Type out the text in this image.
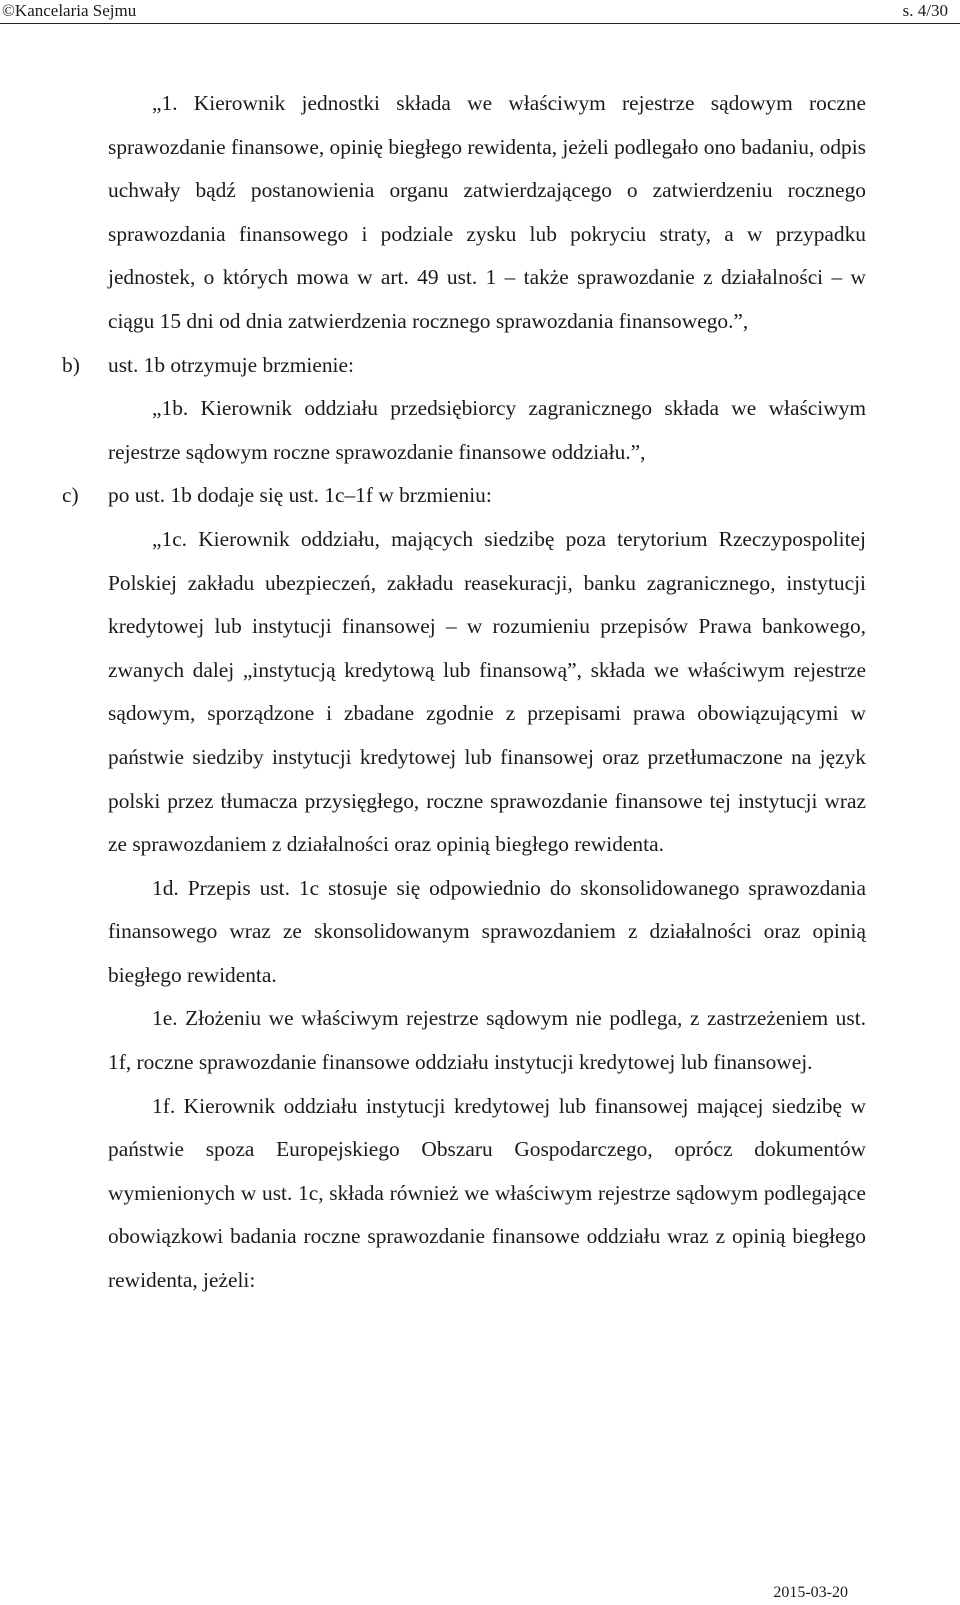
©Kancelaria Sejmu	s. 4/30

„1. Kierownik jednostki składa we właściwym rejestrze sądowym roczne sprawozdanie finansowe, opinię biegłego rewidenta, jeżeli podlegało ono badaniu, odpis uchwały bądź postanowienia organu zatwierdzającego o zatwierdzeniu rocznego sprawozdania finansowego i podziale zysku lub pokryciu straty, a w przypadku jednostek, o których mowa w art. 49 ust. 1 – także sprawozdanie z działalności – w ciągu 15 dni od dnia zatwierdzenia rocznego sprawozdania finansowego.”,

b) ust. 1b otrzymuje brzmienie:

„1b. Kierownik oddziału przedsiębiorcy zagranicznego składa we właściwym rejestrze sądowym roczne sprawozdanie finansowe oddziału.”,

c) po ust. 1b dodaje się ust. 1c–1f w brzmieniu:

„1c. Kierownik oddziału, mających siedzibę poza terytorium Rzeczypospolitej Polskiej zakładu ubezpieczeń, zakładu reasekuracji, banku zagranicznego, instytucji kredytowej lub instytucji finansowej – w rozumieniu przepisów Prawa bankowego, zwanych dalej „instytucją kredytową lub finansową”, składa we właściwym rejestrze sądowym, sporządzone i zbadane zgodnie z przepisami prawa obowiązującymi w państwie siedziby instytucji kredytowej lub finansowej oraz przetłumaczone na język polski przez tłumacza przysięgłego, roczne sprawozdanie finansowe tej instytucji wraz ze sprawozdaniem z działalności oraz opinią biegłego rewidenta.

1d. Przepis ust. 1c stosuje się odpowiednio do skonsolidowanego sprawozdania finansowego wraz ze skonsolidowanym sprawozdaniem z działalności oraz opinią biegłego rewidenta.

1e. Złożeniu we właściwym rejestrze sądowym nie podlega, z zastrzeżeniem ust. 1f, roczne sprawozdanie finansowe oddziału instytucji kredytowej lub finansowej.

1f. Kierownik oddziału instytucji kredytowej lub finansowej mającej siedzibę w państwie spoza Europejskiego Obszaru Gospodarczego, oprócz dokumentów wymienionych w ust. 1c, składa również we właściwym rejestrze sądowym podlegające obowiązkowi badania roczne sprawozdanie finansowe oddziału wraz z opinią biegłego rewidenta, jeżeli:

2015-03-20
